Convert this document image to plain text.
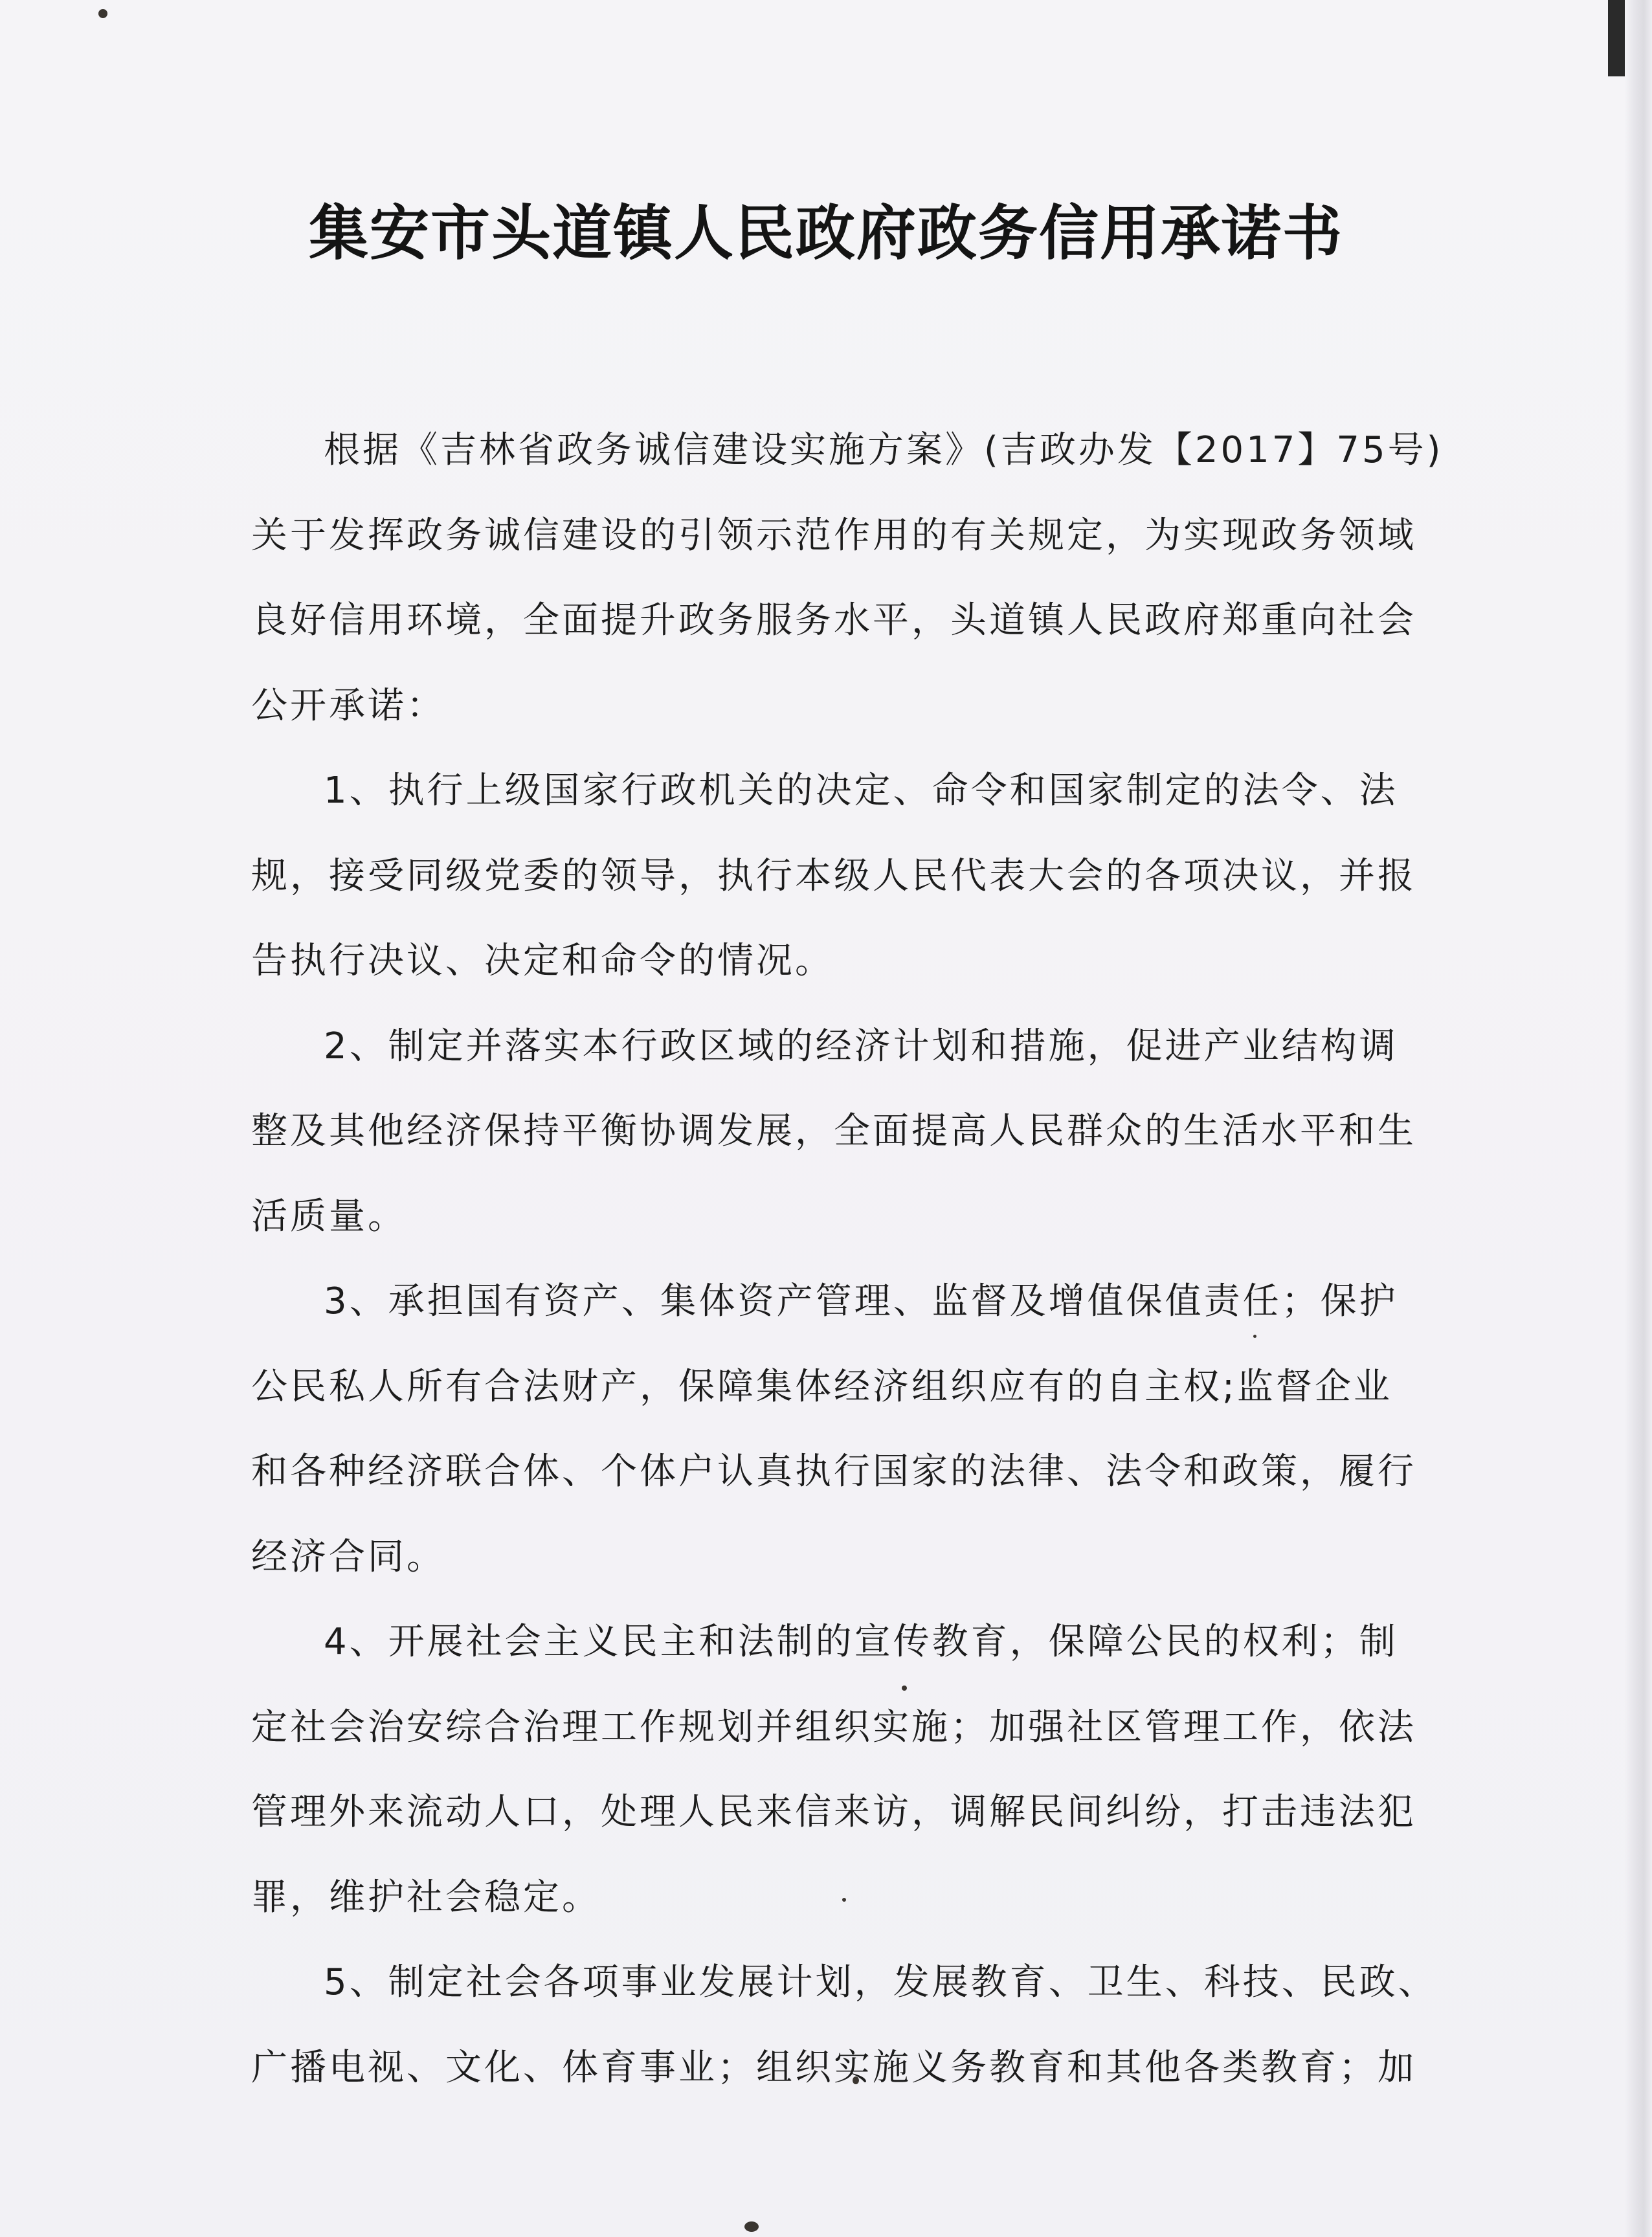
集安市头道镇人民政府政务信用承诺书
根据《吉林省政务诚信建设实施方案》(吉政办发【2017】75号)
关于发挥政务诚信建设的引领示范作用的有关规定，为实现政务领域
良好信用环境，全面提升政务服务水平，头道镇人民政府郑重向社会
公开承诺：
1、执行上级国家行政机关的决定、命令和国家制定的法令、法
规，接受同级党委的领导，执行本级人民代表大会的各项决议，并报
告执行决议、决定和命令的情况。
2、制定并落实本行政区域的经济计划和措施，促进产业结构调
整及其他经济保持平衡协调发展，全面提高人民群众的生活水平和生
活质量。
3、承担国有资产、集体资产管理、监督及增值保值责任；保护
公民私人所有合法财产，保障集体经济组织应有的自主权;监督企业
和各种经济联合体、个体户认真执行国家的法律、法令和政策，履行
经济合同。
4、开展社会主义民主和法制的宣传教育，保障公民的权利；制
定社会治安综合治理工作规划并组织实施；加强社区管理工作，依法
管理外来流动人口，处理人民来信来访，调解民间纠纷，打击违法犯
罪，维护社会稳定。
5、制定社会各项事业发展计划，发展教育、卫生、科技、民政、
广播电视、文化、体育事业；组织实施义务教育和其他各类教育；加
